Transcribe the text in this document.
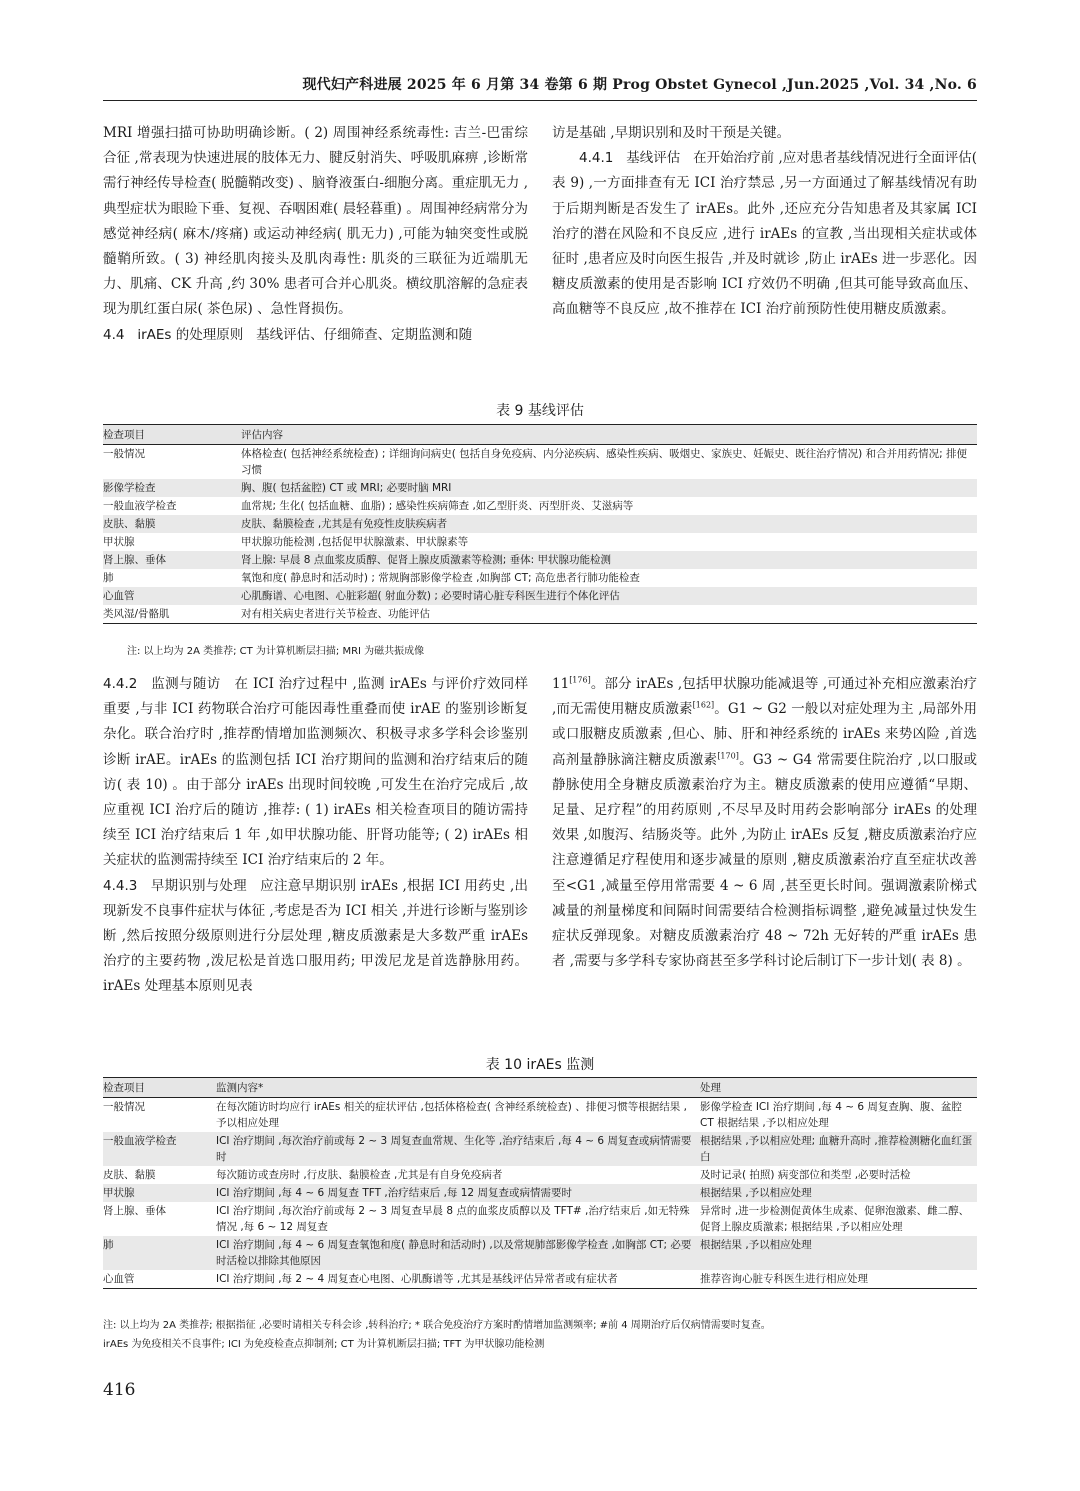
现代妇产科进展 2025 年 6 月第 34 卷第 6 期 Prog Obstet Gynecol ,Jun.2025 ,Vol. 34 ,No. 6

MRI 增强扫描可协助明确诊断。( 2) 周围神经系统毒性: 吉兰-巴雷综合征 ,常表现为快速进展的肢体无力、腱反射消失、呼吸肌麻痹 ,诊断常需行神经传导检查( 脱髓鞘改变) 、脑脊液蛋白-细胞分离。重症肌无力 ,典型症状为眼睑下垂、复视、吞咽困难( 晨轻暮重) 。周围神经病常分为感觉神经病( 麻木/疼痛) 或运动神经病( 肌无力) ,可能为轴突变性或脱髓鞘所致。( 3) 神经肌肉接头及肌肉毒性: 肌炎的三联征为近端肌无力、肌痛、CK 升高 ,约 30% 患者可合并心肌炎。横纹肌溶解的急症表现为肌红蛋白尿( 茶色尿) 、急性肾损伤。

4.4 irAEs 的处理原则 基线评估、仔细筛查、定期监测和随

访是基础 ,早期识别和及时干预是关键。

4.4.1 基线评估 在开始治疗前 ,应对患者基线情况进行全面评估( 表 9) ,一方面排查有无 ICI 治疗禁忌 ,另一方面通过了解基线情况有助于后期判断是否发生了 irAEs。此外 ,还应充分告知患者及其家属 ICI 治疗的潜在风险和不良反应 ,进行 irAEs 的宣教 ,当出现相关症状或体征时 ,患者应及时向医生报告 ,并及时就诊 ,防止 irAEs 进一步恶化。因糖皮质激素的使用是否影响 ICI 疗效仍不明确 ,但其可能导致高血压、高血糖等不良反应 ,故不推荐在 ICI 治疗前预防性使用糖皮质激素。

表 9 基线评估
检查项目	评估内容
一般情况	体格检查( 包括神经系统检查) ; 详细询问病史( 包括自身免疫病、内分泌疾病、感染性疾病、吸烟史、家族史、妊娠史、既往治疗情况) 和合并用药情况; 排便习惯
影像学检查	胸、腹( 包括盆腔) CT 或 MRI; 必要时脑 MRI
一般血液学检查	血常规; 生化( 包括血糖、血脂) ; 感染性疾病筛查 ,如乙型肝炎、丙型肝炎、艾滋病等
皮肤、黏膜	皮肤、黏膜检查 ,尤其是有免疫性皮肤疾病者
甲状腺	甲状腺功能检测 ,包括促甲状腺激素、甲状腺素等
肾上腺、垂体	肾上腺: 早晨 8 点血浆皮质醇、促肾上腺皮质激素等检测; 垂体: 甲状腺功能检测
肺	氧饱和度( 静息时和活动时) ; 常规胸部影像学检查 ,如胸部 CT; 高危患者行肺功能检查
心血管	心肌酶谱、心电图、心脏彩超( 射血分数) ; 必要时请心脏专科医生进行个体化评估
类风湿/骨骼肌	对有相关病史者进行关节检查、功能评估
注: 以上均为 2A 类推荐; CT 为计算机断层扫描; MRI 为磁共振成像

4.4.2 监测与随访 在 ICI 治疗过程中 ,监测 irAEs 与评价疗效同样重要 ,与非 ICI 药物联合治疗可能因毒性重叠而使 irAE 的鉴别诊断复杂化。联合治疗时 ,推荐酌情增加监测频次、积极寻求多学科会诊鉴别诊断 irAE。irAEs 的监测包括 ICI 治疗期间的监测和治疗结束后的随访( 表 10) 。由于部分 irAEs 出现时间较晚 ,可发生在治疗完成后 ,故应重视 ICI 治疗后的随访 ,推荐: ( 1) irAEs 相关检查项目的随访需持续至 ICI 治疗结束后 1 年 ,如甲状腺功能、肝肾功能等; ( 2) irAEs 相关症状的监测需持续至 ICI 治疗结束后的 2 年。

4.4.3 早期识别与处理 应注意早期识别 irAEs ,根据 ICI 用药史 ,出现新发不良事件症状与体征 ,考虑是否为 ICI 相关 ,并进行诊断与鉴别诊断 ,然后按照分级原则进行分层处理 ,糖皮质激素是大多数严重 irAEs 治疗的主要药物 ,泼尼松是首选口服用药; 甲泼尼龙是首选静脉用药。irAEs 处理基本原则见表

11[176]。部分 irAEs ,包括甲状腺功能减退等 ,可通过补充相应激素治疗 ,而无需使用糖皮质激素[162]。G1 ~ G2 一般以对症处理为主 ,局部外用或口服糖皮质激素 ,但心、肺、肝和神经系统的 irAEs 来势凶险 ,首选高剂量静脉滴注糖皮质激素[170]。G3 ~ G4 常需要住院治疗 ,以口服或静脉使用全身糖皮质激素治疗为主。糖皮质激素的使用应遵循“早期、足量、足疗程”的用药原则 ,不尽早及时用药会影响部分 irAEs 的处理效果 ,如腹泻、结肠炎等。此外 ,为防止 irAEs 反复 ,糖皮质激素治疗应注意遵循足疗程使用和逐步减量的原则 ,糖皮质激素治疗直至症状改善至<G1 ,减量至停用常需要 4 ~ 6 周 ,甚至更长时间。强调激素阶梯式减量的剂量梯度和间隔时间需要结合检测指标调整 ,避免减量过快发生症状反弹现象。对糖皮质激素治疗 48 ~ 72h 无好转的严重 irAEs 患者 ,需要与多学科专家协商甚至多学科讨论后制订下一步计划( 表 8) 。

表 10 irAEs 监测
检查项目	监测内容*	处理
一般情况	在每次随访时均应行 irAEs 相关的症状评估 ,包括体格检查( 含神经系统检查) 、排便习惯等根据结果 ,予以相应处理	影像学检查 ICI 治疗期间 ,每 4 ~ 6 周复查胸、腹、盆腔 CT 根据结果 ,予以相应处理
一般血液学检查	ICI 治疗期间 ,每次治疗前或每 2 ~ 3 周复查血常规、生化等 ,治疗结束后 ,每 4 ~ 6 周复查或病情需要时	根据结果 ,予以相应处理; 血糖升高时 ,推荐检测糖化血红蛋白
皮肤、黏膜	每次随访或查房时 ,行皮肤、黏膜检查 ,尤其是有自身免疫病者	及时记录( 拍照) 病变部位和类型 ,必要时活检
甲状腺	ICI 治疗期间 ,每 4 ~ 6 周复查 TFT ,治疗结束后 ,每 12 周复查或病情需要时	根据结果 ,予以相应处理
肾上腺、垂体	ICI 治疗期间 ,每次治疗前或每 2 ~ 3 周复查早晨 8 点的血浆皮质醇以及 TFT# ,治疗结束后 ,如无特殊情况 ,每 6 ~ 12 周复查	异常时 ,进一步检测促黄体生成素、促卵泡激素、雌二醇、促肾上腺皮质激素; 根据结果 ,予以相应处理
肺	ICI 治疗期间 ,每 4 ~ 6 周复查氧饱和度( 静息时和活动时) ,以及常规肺部影像学检查 ,如胸部 CT; 必要时活检以排除其他原因	根据结果 ,予以相应处理
心血管	ICI 治疗期间 ,每 2 ~ 4 周复查心电图、心肌酶谱等 ,尤其是基线评估异常者或有症状者	推荐咨询心脏专科医生进行相应处理
注: 以上均为 2A 类推荐; 根据指征 ,必要时请相关专科会诊 ,转科治疗; * 联合免疫治疗方案时酌情增加监测频率; #前 4 周期治疗后仅病情需要时复查。
irAEs 为免疫相关不良事件; ICI 为免疫检查点抑制剂; CT 为计算机断层扫描; TFT 为甲状腺功能检测
416
